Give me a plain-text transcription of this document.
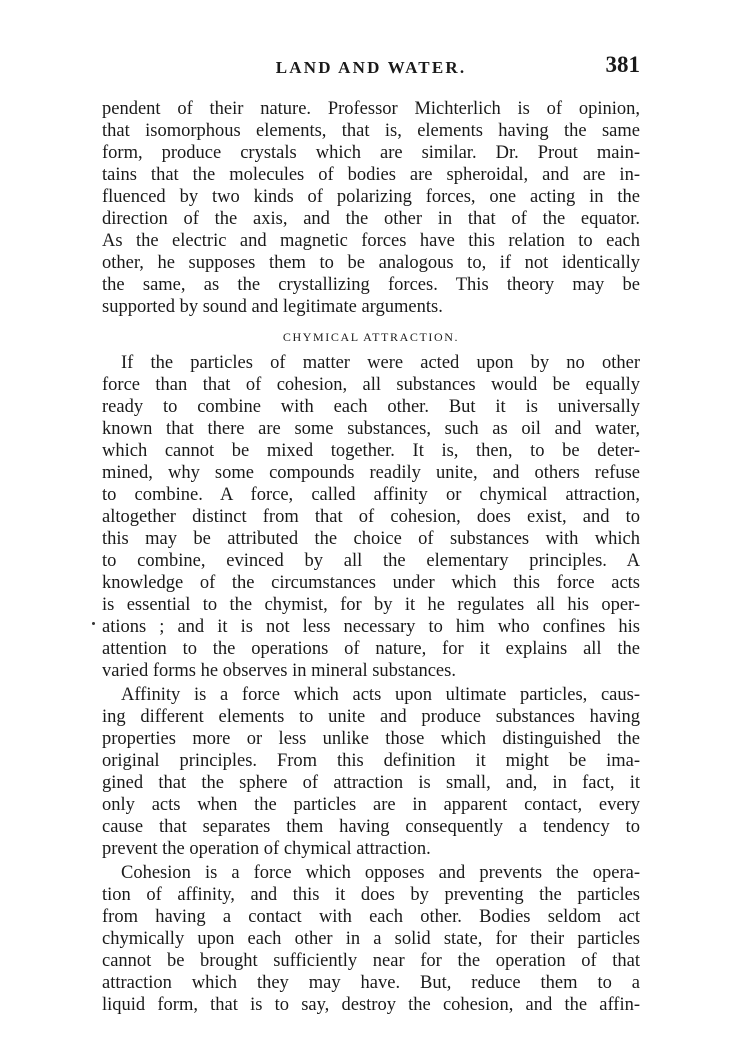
LAND AND WATER.	381
pendent of their nature. Professor Michterlich is of opinion,
that isomorphous elements, that is, elements having the same
form, produce crystals which are similar. Dr. Prout main-
tains that the molecules of bodies are spheroidal, and are in-
fluenced by two kinds of polarizing forces, one acting in the
direction of the axis, and the other in that of the equator.
As the electric and magnetic forces have this relation to each
other, he supposes them to be analogous to, if not identically
the same, as the crystallizing forces. This theory may be
supported by sound and legitimate arguments.
CHYMICAL ATTRACTION.
If the particles of matter were acted upon by no other
force than that of cohesion, all substances would be equally
ready to combine with each other. But it is universally
known that there are some substances, such as oil and water,
which cannot be mixed together. It is, then, to be deter-
mined, why some compounds readily unite, and others refuse
to combine. A force, called affinity or chymical attraction,
altogether distinct from that of cohesion, does exist, and to
this may be attributed the choice of substances with which
to combine, evinced by all the elementary principles. A
knowledge of the circumstances under which this force acts
is essential to the chymist, for by it he regulates all his oper-
ations ; and it is not less necessary to him who confines his
attention to the operations of nature, for it explains all the
varied forms he observes in mineral substances.
Affinity is a force which acts upon ultimate particles, caus-
ing different elements to unite and produce substances having
properties more or less unlike those which distinguished the
original principles. From this definition it might be ima-
gined that the sphere of attraction is small, and, in fact, it
only acts when the particles are in apparent contact, every
cause that separates them having consequently a tendency to
prevent the operation of chymical attraction.
Cohesion is a force which opposes and prevents the opera-
tion of affinity, and this it does by preventing the particles
from having a contact with each other. Bodies seldom act
chymically upon each other in a solid state, for their particles
cannot be brought sufficiently near for the operation of that
attraction which they may have. But, reduce them to a
liquid form, that is to say, destroy the cohesion, and the affin-
